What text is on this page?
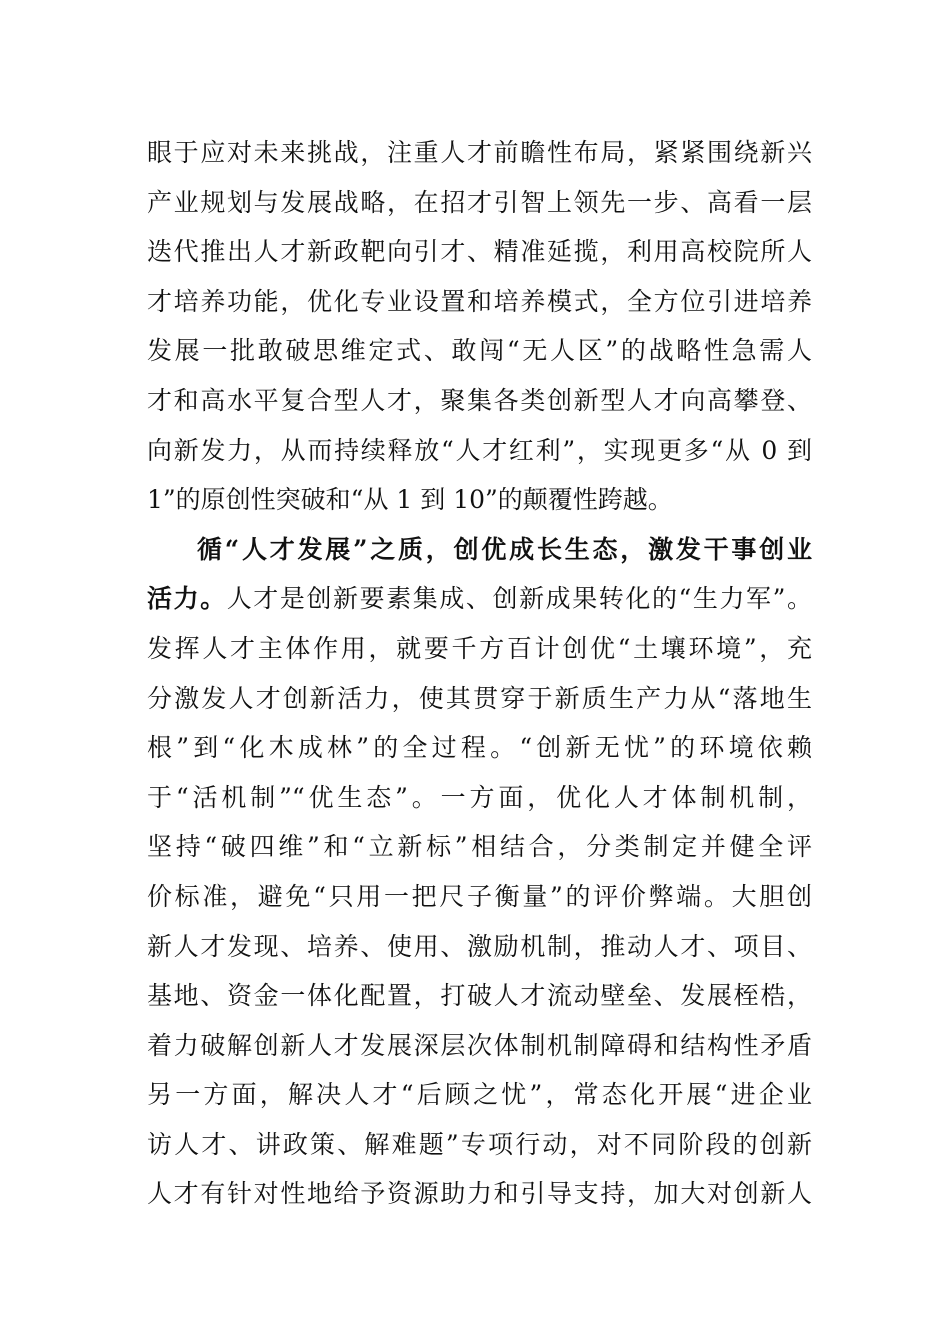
眼于应对未来挑战，注重人才前瞻性布局，紧紧围绕新兴
产业规划与发展战略，在招才引智上领先一步、高看一层
迭代推出人才新政靶向引才、精准延揽，利用高校院所人
才培养功能，优化专业设置和培养模式，全方位引进培养
发展一批敢破思维定式、敢闯“无人区”的战略性急需人
才和高水平复合型人才，聚集各类创新型人才向高攀登、
向新发力，从而持续释放“人才红利”，实现更多“从 0 到
1”的原创性突破和“从 1 到 10”的颠覆性跨越。
循“人才发展”之质，创优成长生态，激发干事创业
活力。人才是创新要素集成、创新成果转化的“生力军”。
发挥人才主体作用，就要千方百计创优“土壤环境”，充
分激发人才创新活力，使其贯穿于新质生产力从“落地生
根”到“化木成林”的全过程。“创新无忧”的环境依赖
于“活机制”“优生态”。一方面，优化人才体制机制，
坚持“破四维”和“立新标”相结合，分类制定并健全评
价标准，避免“只用一把尺子衡量”的评价弊端。大胆创
新人才发现、培养、使用、激励机制，推动人才、项目、
基地、资金一体化配置，打破人才流动壁垒、发展桎梏，
着力破解创新人才发展深层次体制机制障碍和结构性矛盾
另一方面，解决人才“后顾之忧”，常态化开展“进企业
访人才、讲政策、解难题”专项行动，对不同阶段的创新
人才有针对性地给予资源助力和引导支持，加大对创新人
